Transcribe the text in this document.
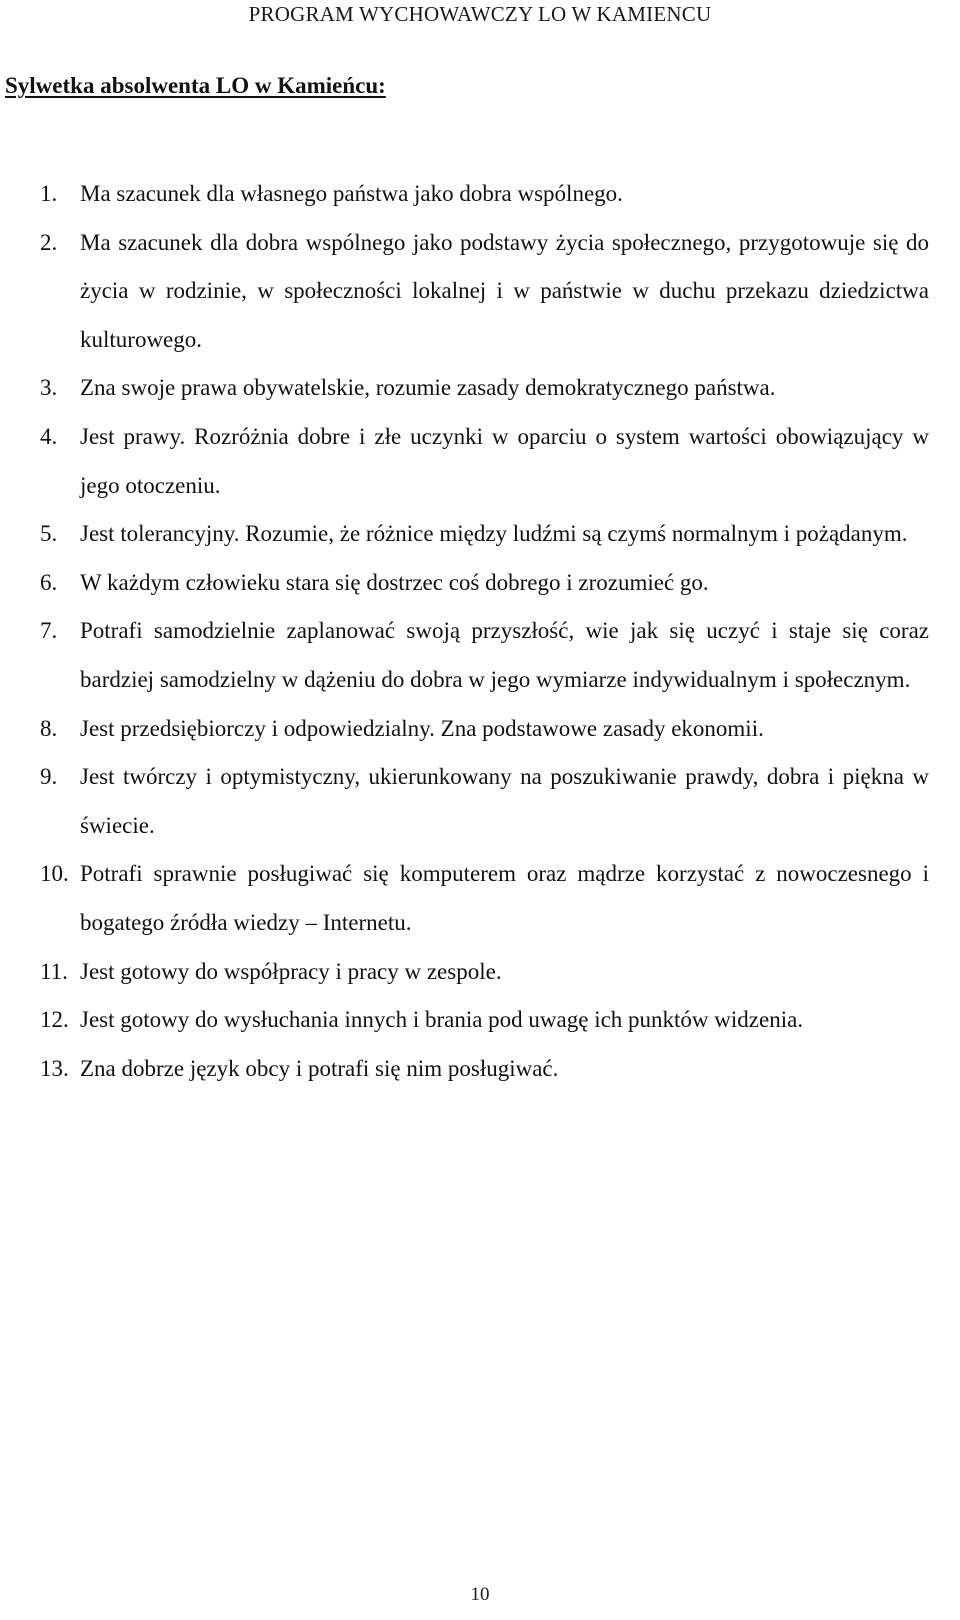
PROGRAM WYCHOWAWCZY LO W KAMIENCU
Sylwetka absolwenta LO w Kamieńcu:
1. Ma szacunek dla własnego państwa jako dobra wspólnego.
2. Ma szacunek dla dobra wspólnego jako podstawy życia społecznego, przygotowuje się do życia w rodzinie, w społeczności lokalnej i w państwie w duchu przekazu dziedzictwa kulturowego.
3. Zna swoje prawa obywatelskie, rozumie zasady demokratycznego państwa.
4. Jest prawy. Rozróżnia dobre i złe uczynki w oparciu o system wartości obowiązujący w jego otoczeniu.
5. Jest tolerancyjny. Rozumie, że różnice między ludźmi są czymś normalnym i pożądanym.
6. W każdym człowieku stara się dostrzec coś dobrego i zrozumieć go.
7. Potrafi samodzielnie zaplanować swoją przyszłość, wie jak się uczyć i staje się coraz bardziej samodzielny w dążeniu do dobra w jego wymiarze indywidualnym i społecznym.
8. Jest przedsiębiorczy i odpowiedzialny. Zna podstawowe zasady ekonomii.
9. Jest twórczy i optymistyczny, ukierunkowany na poszukiwanie prawdy, dobra i piękna w świecie.
10. Potrafi sprawnie posługiwać się komputerem oraz mądrze korzystać z nowoczesnego i bogatego źródła wiedzy – Internetu.
11. Jest gotowy do współpracy i pracy w zespole.
12. Jest gotowy do wysłuchania innych i brania pod uwagę ich punktów widzenia.
13. Zna dobrze język obcy i potrafi się nim posługiwać.
10
